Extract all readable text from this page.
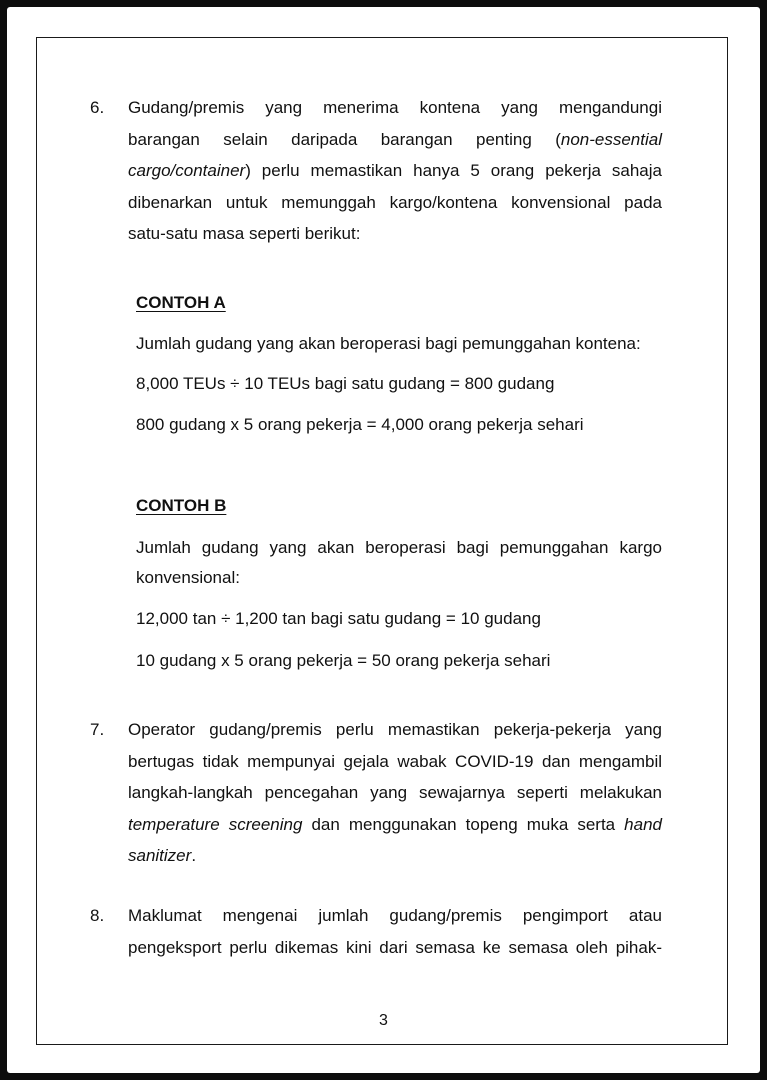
6. Gudang/premis yang menerima kontena yang mengandungi
barangan selain daripada barangan penting (non-essential
cargo/container) perlu memastikan hanya 5 orang pekerja sahaja
dibenarkan untuk memunggah kargo/kontena konvensional pada
satu-satu masa seperti berikut:
CONTOH A
Jumlah gudang yang akan beroperasi bagi pemunggahan kontena:
8,000 TEUs ÷ 10 TEUs bagi satu gudang = 800 gudang
800 gudang x 5 orang pekerja = 4,000 orang pekerja sehari
CONTOH B
Jumlah gudang yang akan beroperasi bagi pemunggahan kargo
konvensional:
12,000 tan ÷ 1,200 tan bagi satu gudang = 10 gudang
10 gudang x 5 orang pekerja = 50 orang pekerja sehari
7. Operator gudang/premis perlu memastikan pekerja-pekerja yang
bertugas tidak mempunyai gejala wabak COVID-19 dan mengambil
langkah-langkah pencegahan yang sewajarnya seperti melakukan
temperature screening dan menggunakan topeng muka serta hand
sanitizer.
8. Maklumat mengenai jumlah gudang/premis pengimport atau
pengeksport perlu dikemas kini dari semasa ke semasa oleh pihak-
3
